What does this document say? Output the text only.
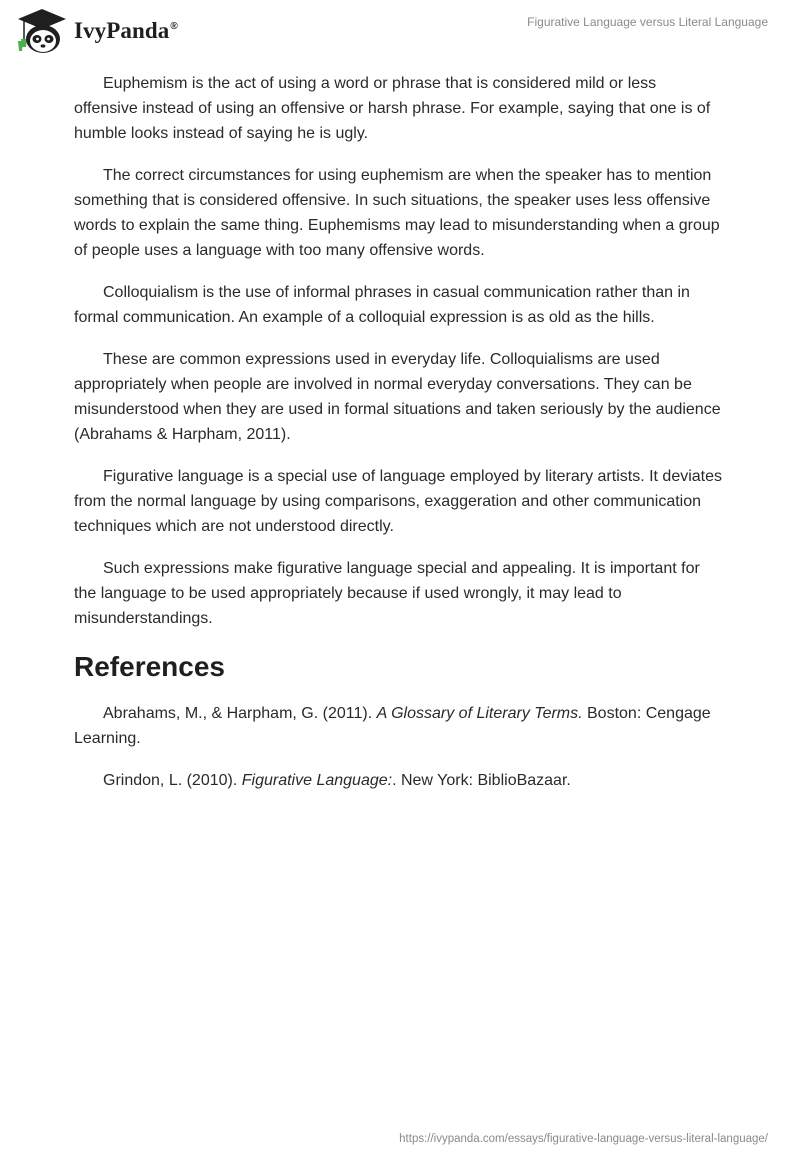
IvyPanda®	Figurative Language versus Literal Language

Euphemism is the act of using a word or phrase that is considered mild or less offensive instead of using an offensive or harsh phrase. For example, saying that one is of humble looks instead of saying he is ugly.

The correct circumstances for using euphemism are when the speaker has to mention something that is considered offensive. In such situations, the speaker uses less offensive words to explain the same thing. Euphemisms may lead to misunderstanding when a group of people uses a language with too many offensive words.

Colloquialism is the use of informal phrases in casual communication rather than in formal communication. An example of a colloquial expression is as old as the hills.

These are common expressions used in everyday life. Colloquialisms are used appropriately when people are involved in normal everyday conversations. They can be misunderstood when they are used in formal situations and taken seriously by the audience (Abrahams & Harpham, 2011).

Figurative language is a special use of language employed by literary artists. It deviates from the normal language by using comparisons, exaggeration and other communication techniques which are not understood directly.

Such expressions make figurative language special and appealing. It is important for the language to be used appropriately because if used wrongly, it may lead to misunderstandings.

References

Abrahams, M., & Harpham, G. (2011). A Glossary of Literary Terms. Boston: Cengage Learning.

Grindon, L. (2010). Figurative Language:. New York: BiblioBazaar.

https://ivypanda.com/essays/figurative-language-versus-literal-language/
